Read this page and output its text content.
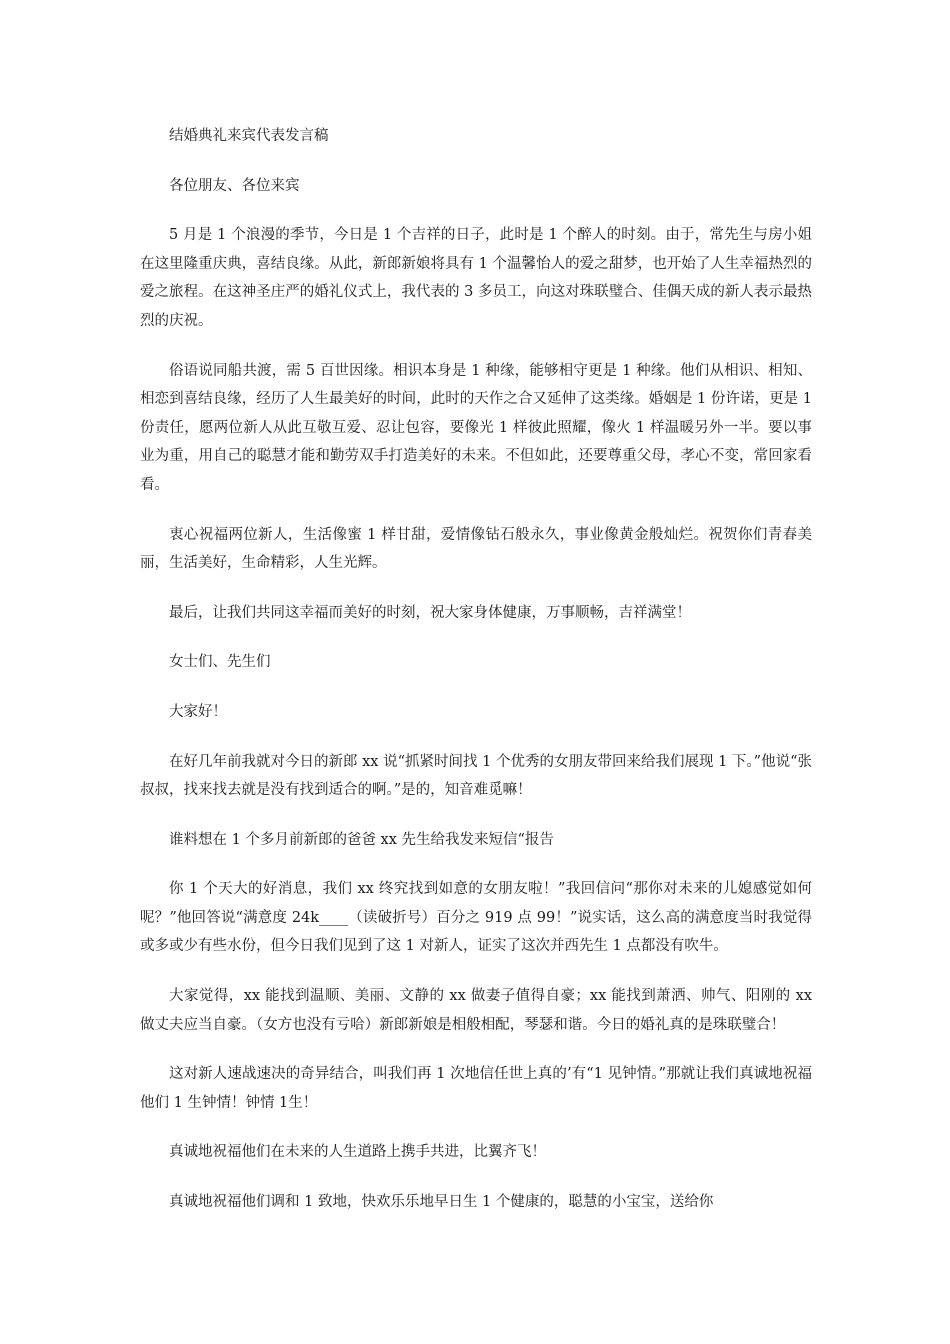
结婚典礼来宾代表发言稿

各位朋友、各位来宾

5 月是 1 个浪漫的季节，今日是 1 个吉祥的日子，此时是 1 个醉人的时刻。由于，常先生与房小姐在这里隆重庆典，喜结良缘。从此，新郎新娘将具有 1 个温馨怡人的爱之甜梦，也开始了人生幸福热烈的爱之旅程。在这神圣庄严的婚礼仪式上，我代表的 3 多员工，向这对珠联璧合、佳偶天成的新人表示最热烈的庆祝。

俗语说同船共渡，需 5 百世因缘。相识本身是 1 种缘，能够相守更是 1 种缘。他们从相识、相知、相恋到喜结良缘，经历了人生最美好的时间，此时的天作之合又延伸了这类缘。婚姻是 1 份许诺，更是 1 份责任，愿两位新人从此互敬互爱、忍让包容，要像光 1 样彼此照耀，像火 1 样温暖另外一半。要以事业为重，用自己的聪慧才能和勤劳双手打造美好的未来。不但如此，还要尊重父母，孝心不变，常回家看看。

衷心祝福两位新人，生活像蜜 1 样甘甜，爱情像钻石般永久，事业像黄金般灿烂。祝贺你们青春美丽，生活美好，生命精彩，人生光辉。

最后，让我们共同这幸福而美好的时刻，祝大家身体健康，万事顺畅，吉祥满堂！

女士们、先生们

大家好！

在好几年前我就对今日的新郎 xx 说“抓紧时间找 1 个优秀的女朋友带回来给我们展现 1 下。”他说“张叔叔，找来找去就是没有找到适合的啊。”是的，知音难觅嘛！

谁料想在 1 个多月前新郎的爸爸 xx 先生给我发来短信“报告

你 1 个天大的好消息，我们 xx 终究找到如意的女朋友啦！”我回信问“那你对未来的儿媳感觉如何呢？”他回答说“满意度 24k____（读破折号）百分之 919 点 99！”说实话，这么高的满意度当时我觉得或多或少有些水份，但今日我们见到了这 1 对新人，证实了这次并西先生 1 点都没有吹牛。

大家觉得，xx 能找到温顺、美丽、文静的 xx 做妻子值得自豪；xx 能找到萧洒、帅气、阳刚的 xx 做丈夫应当自豪。（女方也没有亏哈）新郎新娘是相般相配，琴瑟和谐。今日的婚礼真的是珠联璧合！

这对新人速战速决的奇异结合，叫我们再 1 次地信任世上真的’有“1 见钟情。”那就让我们真诚地祝福他们 1 生钟情！钟情 1生！

真诚地祝福他们在未来的人生道路上携手共进，比翼齐飞！

真诚地祝福他们调和 1 致地，快欢乐乐地早日生 1 个健康的，聪慧的小宝宝，送给你
